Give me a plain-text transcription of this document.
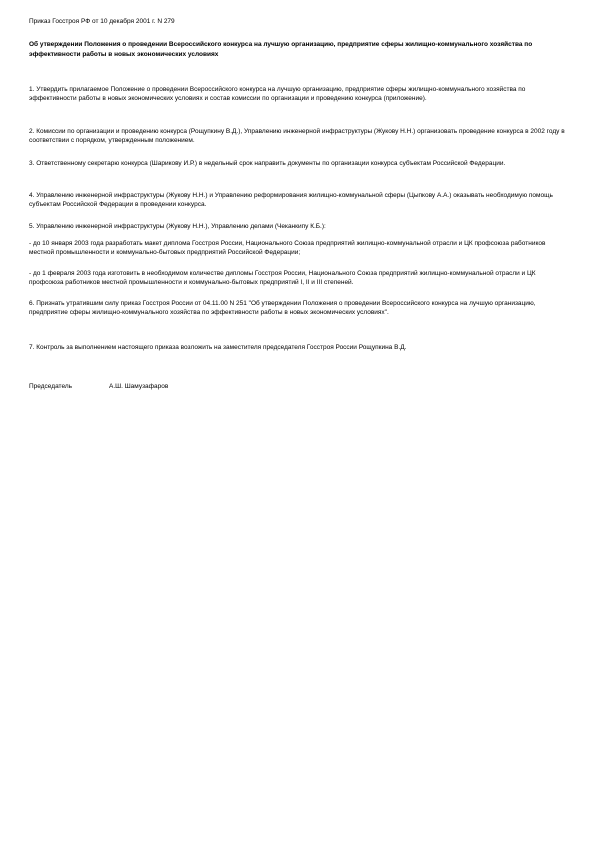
Приказ Госстроя РФ от 10 декабря 2001 г. N 279

Об утверждении Положения о проведении Всероссийского конкурса на лучшую организацию, предприятие сферы жилищно-коммунального хозяйства по эффективности работы в новых экономических условиях

1. Утвердить прилагаемое Положение о проведении Всероссийского конкурса на лучшую организацию, предприятие сферы жилищно-коммунального хозяйства по эффективности работы в новых экономических условиях и состав комиссии по организации и проведению конкурса (приложение).

2. Комиссии по организации и проведению конкурса (Рощупкину В.Д.), Управлению инженерной инфраструктуры (Жукову Н.Н.) организовать проведение конкурса в 2002 году в соответствии с порядком, утвержденным положением.

3. Ответственному секретарю конкурса (Шарикову И.Р.) в недельный срок направить документы по организации конкурса субъектам Российской Федерации.

4. Управлению инженерной инфраструктуры (Жукову Н.Н.) и Управлению реформирования жилищно-коммунальной сферы (Цыпкову А.А.) оказывать необходимую помощь субъектам Российской Федерации в проведении конкурса.

5. Управлению инженерной инфраструктуры (Жукову Н.Н.), Управлению делами (Чеканкипу К.Б.):

- до 10 января 2003 года разработать макет диплома Госстроя России, Национального Союза предприятий жилищно-коммунальной отрасли и ЦК профсоюза работников местной промышленности и коммунально-бытовых предприятий Российской Федерации;

- до 1 февраля 2003 года изготовить в необходимом количестве дипломы Госстроя России, Национального Союза предприятий жилищно-коммунальной отрасли и ЦК профсоюза работников местной промышленности и коммунально-бытовых предприятий I, II и III степеней.

6. Признать утратившим силу приказ Госстроя России от 04.11.00 N 251 "Об утверждении Положения о проведении Всероссийского конкурса на лучшую организацию, предприятие сферы жилищно-коммунального хозяйства по эффективности работы в новых экономических условиях".

7. Контроль за выполнением настоящего приказа возложить на заместителя председателя Госстроя России Рощупкина В.Д.

Председатель	А.Ш. Шамузафаров
